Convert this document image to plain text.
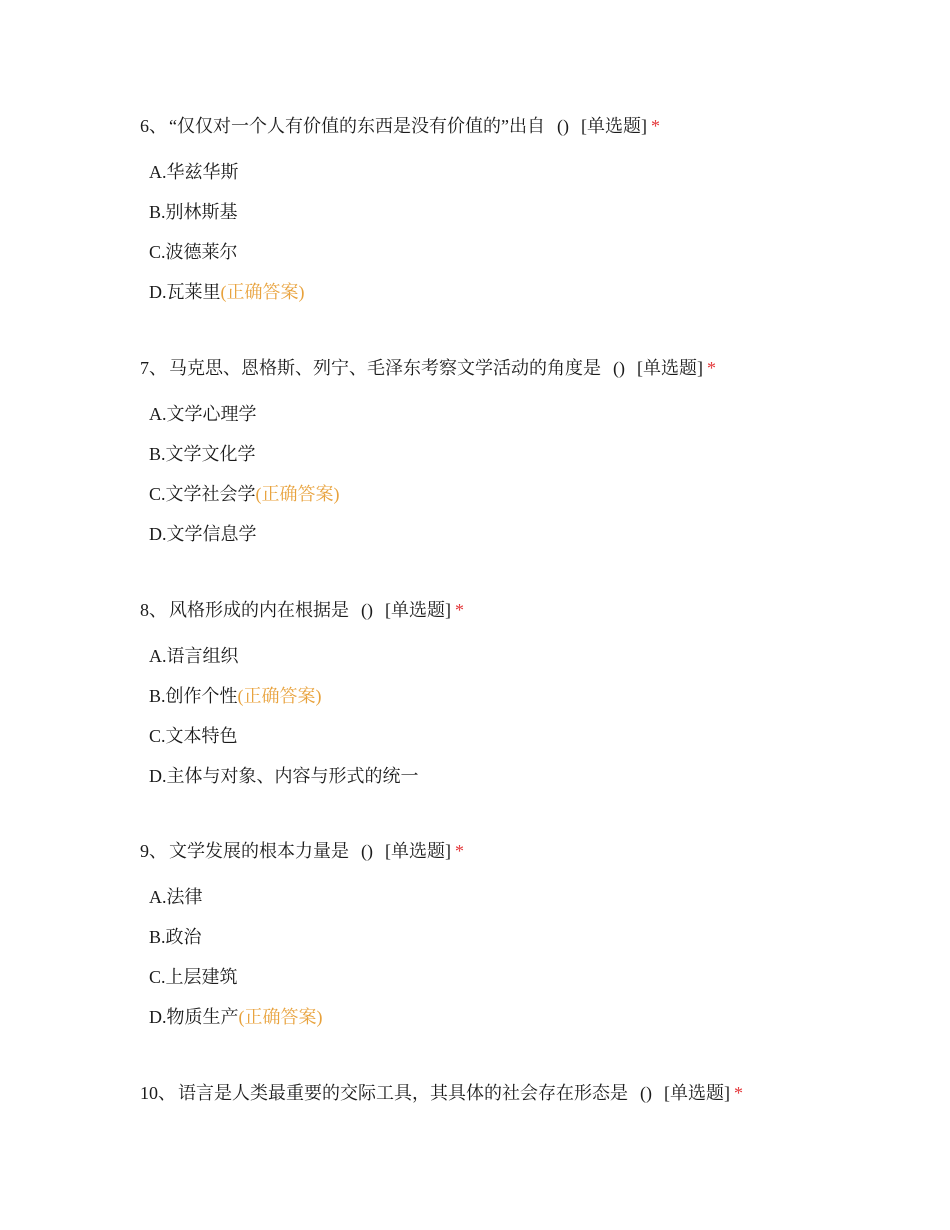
6、 “仅仅对一个人有价值的东西是没有价值的”出自 () [单选题] *

A.华兹华斯
B.别林斯基
C.波德莱尔
D.瓦莱里(正确答案)

7、 马克思、恩格斯、列宁、毛泽东考察文学活动的角度是 () [单选题] *

A.文学心理学
B.文学文化学
C.文学社会学(正确答案)
D.文学信息学

8、 风格形成的内在根据是 () [单选题] *

A.语言组织
B.创作个性(正确答案)
C.文本特色
D.主体与对象、内容与形式的统一

9、 文学发展的根本力量是 () [单选题] *

A.法律
B.政治
C.上层建筑
D.物质生产(正确答案)

10、 语言是人类最重要的交际工具，其具体的社会存在形态是 () [单选题] *
